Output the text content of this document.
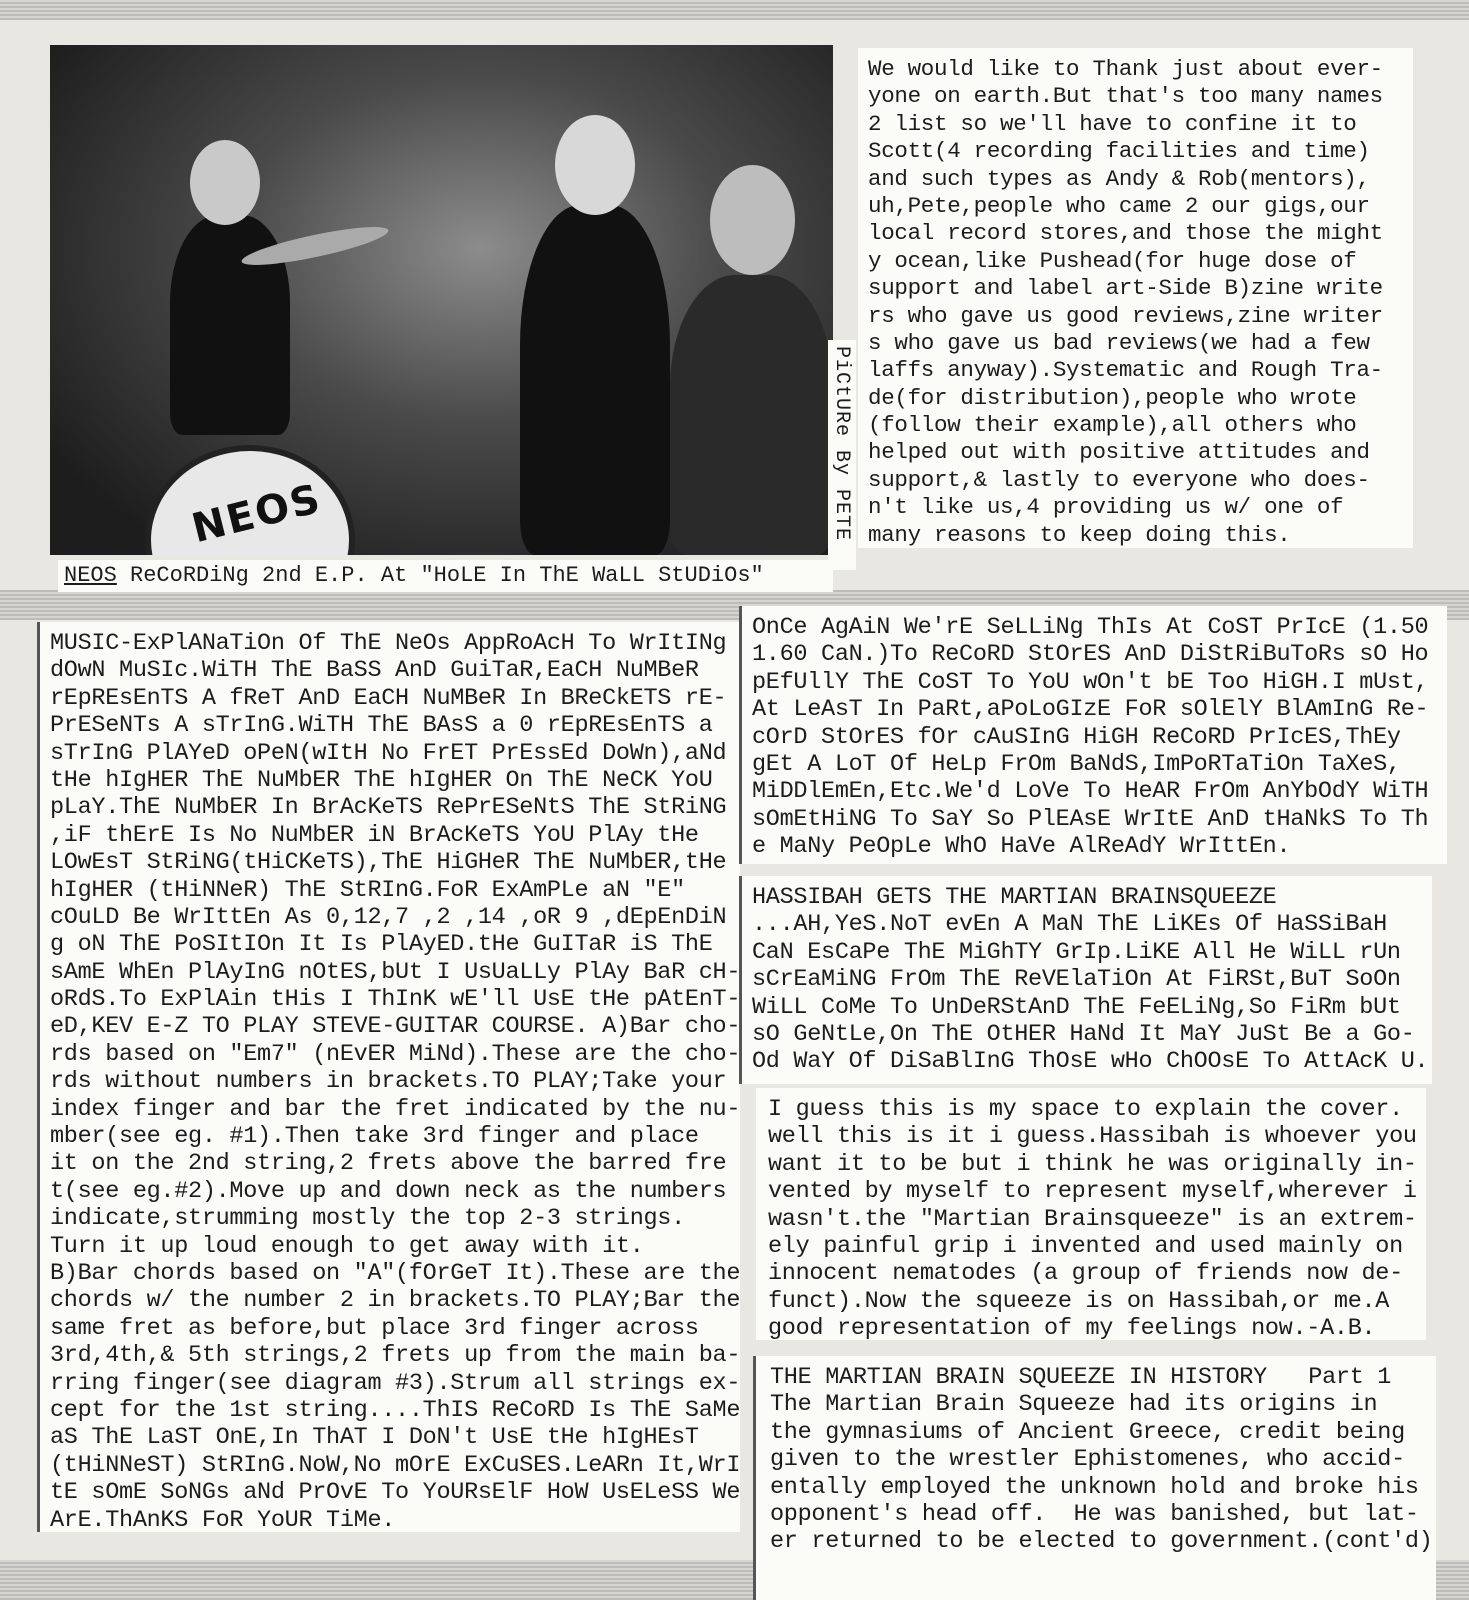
NEOS	PiCtURe By PETE
NEOS ReCoRDiNg 2nd E.P. At "HoLE In ThE WaLL StUDiOs"
We would like to Thank just about ever-
yone on earth.But that's too many names
2 list so we'll have to confine it to
Scott(4 recording facilities and time)
and such types as Andy & Rob(mentors),
uh,Pete,people who came 2 our gigs,our
local record stores,and those the might
y ocean,like Pushead(for huge dose of
support and label art-Side B)zine write
rs who gave us good reviews,zine writer
s who gave us bad reviews(we had a few
laffs anyway).Systematic and Rough Tra-
de(for distribution),people who wrote
(follow their example),all others who
helped out with positive attitudes and
support,& lastly to everyone who does-
n't like us,4 providing us w/ one of
many reasons to keep doing this.
MUSIC-ExPlANaTiOn Of ThE NeOs AppRoAcH To WrItINg
dOwN MuSIc.WiTH ThE BaSS AnD GuiTaR,EaCH NuMBeR
rEpREsEnTS A fReT AnD EaCH NuMBeR In BReCkETS rE-
PrESeNTs A sTrInG.WiTH ThE BAsS a 0 rEpREsEnTS a
sTrInG PlAYeD oPeN(wItH No FrET PrEssEd DoWn),aNd
tHe hIgHER ThE NuMbER ThE hIgHER On ThE NeCK YoU
pLaY.ThE NuMbER In BrAcKeTS RePrESeNtS ThE StRiNG
,iF thErE Is No NuMbER iN BrAcKeTS YoU PlAy tHe
LOwEsT StRiNG(tHiCKeTS),ThE HiGHeR ThE NuMbER,tHe
hIgHER (tHiNNeR) ThE StRInG.FoR ExAmPLe aN "E"
cOuLD Be WrIttEn As 0,12,7 ,2 ,14 ,oR 9 ,dEpEnDiN
g oN ThE PoSItIOn It Is PlAyED.tHe GuITaR iS ThE
sAmE WhEn PlAyInG nOtES,bUt I UsUaLLy PlAy BaR cH-
oRdS.To ExPlAin tHis I ThInK wE'll UsE tHe pAtEnT-
eD,KEV E-Z TO PLAY STEVE-GUITAR COURSE. A)Bar cho-
rds based on "Em7" (nEvER MiNd).These are the cho-
rds without numbers in brackets.TO PLAY;Take your
index finger and bar the fret indicated by the nu-
mber(see eg. #1).Then take 3rd finger and place
it on the 2nd string,2 frets above the barred fre
t(see eg.#2).Move up and down neck as the numbers
indicate,strumming mostly the top 2-3 strings.
Turn it up loud enough to get away with it.
B)Bar chords based on "A"(fOrGeT It).These are the
chords w/ the number 2 in brackets.TO PLAY;Bar the
same fret as before,but place 3rd finger across
3rd,4th,& 5th strings,2 frets up from the main ba-
rring finger(see diagram #3).Strum all strings ex-
cept for the 1st string....ThIS ReCoRD Is ThE SaMe
aS ThE LaST OnE,In ThAT I DoN't UsE tHe hIgHEsT
(tHiNNeST) StRInG.NoW,No mOrE ExCuSES.LeARn It,WrI
tE sOmE SoNGs aNd PrOvE To YoURsElF HoW UsELeSS We
ArE.ThAnKS FoR YoUR TiMe.
OnCe AgAiN We'rE SeLLiNg ThIs At CoST PrIcE (1.50
1.60 CaN.)To ReCoRD StOrES AnD DiStRiBuToRs sO Ho
pEfUllY ThE CoST To YoU wOn't bE Too HiGH.I mUst,
At LeAsT In PaRt,aPoLoGIzE FoR sOlElY BlAmInG Re-
cOrD StOrES fOr cAuSInG HiGH ReCoRD PrIcES,ThEy
gEt A LoT Of HeLp FrOm BaNdS,ImPoRTaTiOn TaXeS,
MiDDlEmEn,Etc.We'd LoVe To HeAR FrOm AnYbOdY WiTH
sOmEtHiNG To SaY So PlEAsE WrItE AnD tHaNkS To Th
e MaNy PeOpLe WhO HaVe AlReAdY WrIttEn.
HASSIBAH GETS THE MARTIAN BRAINSQUEEZE
...AH,YeS.NoT evEn A MaN ThE LiKEs Of HaSSiBaH
CaN EsCaPe ThE MiGhTY GrIp.LiKE All He WiLL rUn
sCrEaMiNG FrOm ThE ReVElaTiOn At FiRSt,BuT SoOn
WiLL CoMe To UnDeRStAnD ThE FeELiNg,So FiRm bUt
sO GeNtLe,On ThE OtHER HaNd It MaY JuSt Be a Go-
Od WaY Of DiSaBlInG ThOsE wHo ChOOsE To AttAcK U.
I guess this is my space to explain the cover.
well this is it i guess.Hassibah is whoever you
want it to be but i think he was originally in-
vented by myself to represent myself,wherever i
wasn't.the "Martian Brainsqueeze" is an extrem-
ely painful grip i invented and used mainly on
innocent nematodes (a group of friends now de-
funct).Now the squeeze is on Hassibah,or me.A
good representation of my feelings now.-A.B.
THE MARTIAN BRAIN SQUEEZE IN HISTORY   Part 1
The Martian Brain Squeeze had its origins in
the gymnasiums of Ancient Greece, credit being
given to the wrestler Ephistomenes, who accid-
entally employed the unknown hold and broke his
opponent's head off.  He was banished, but lat-
er returned to be elected to government.(cont'd)
